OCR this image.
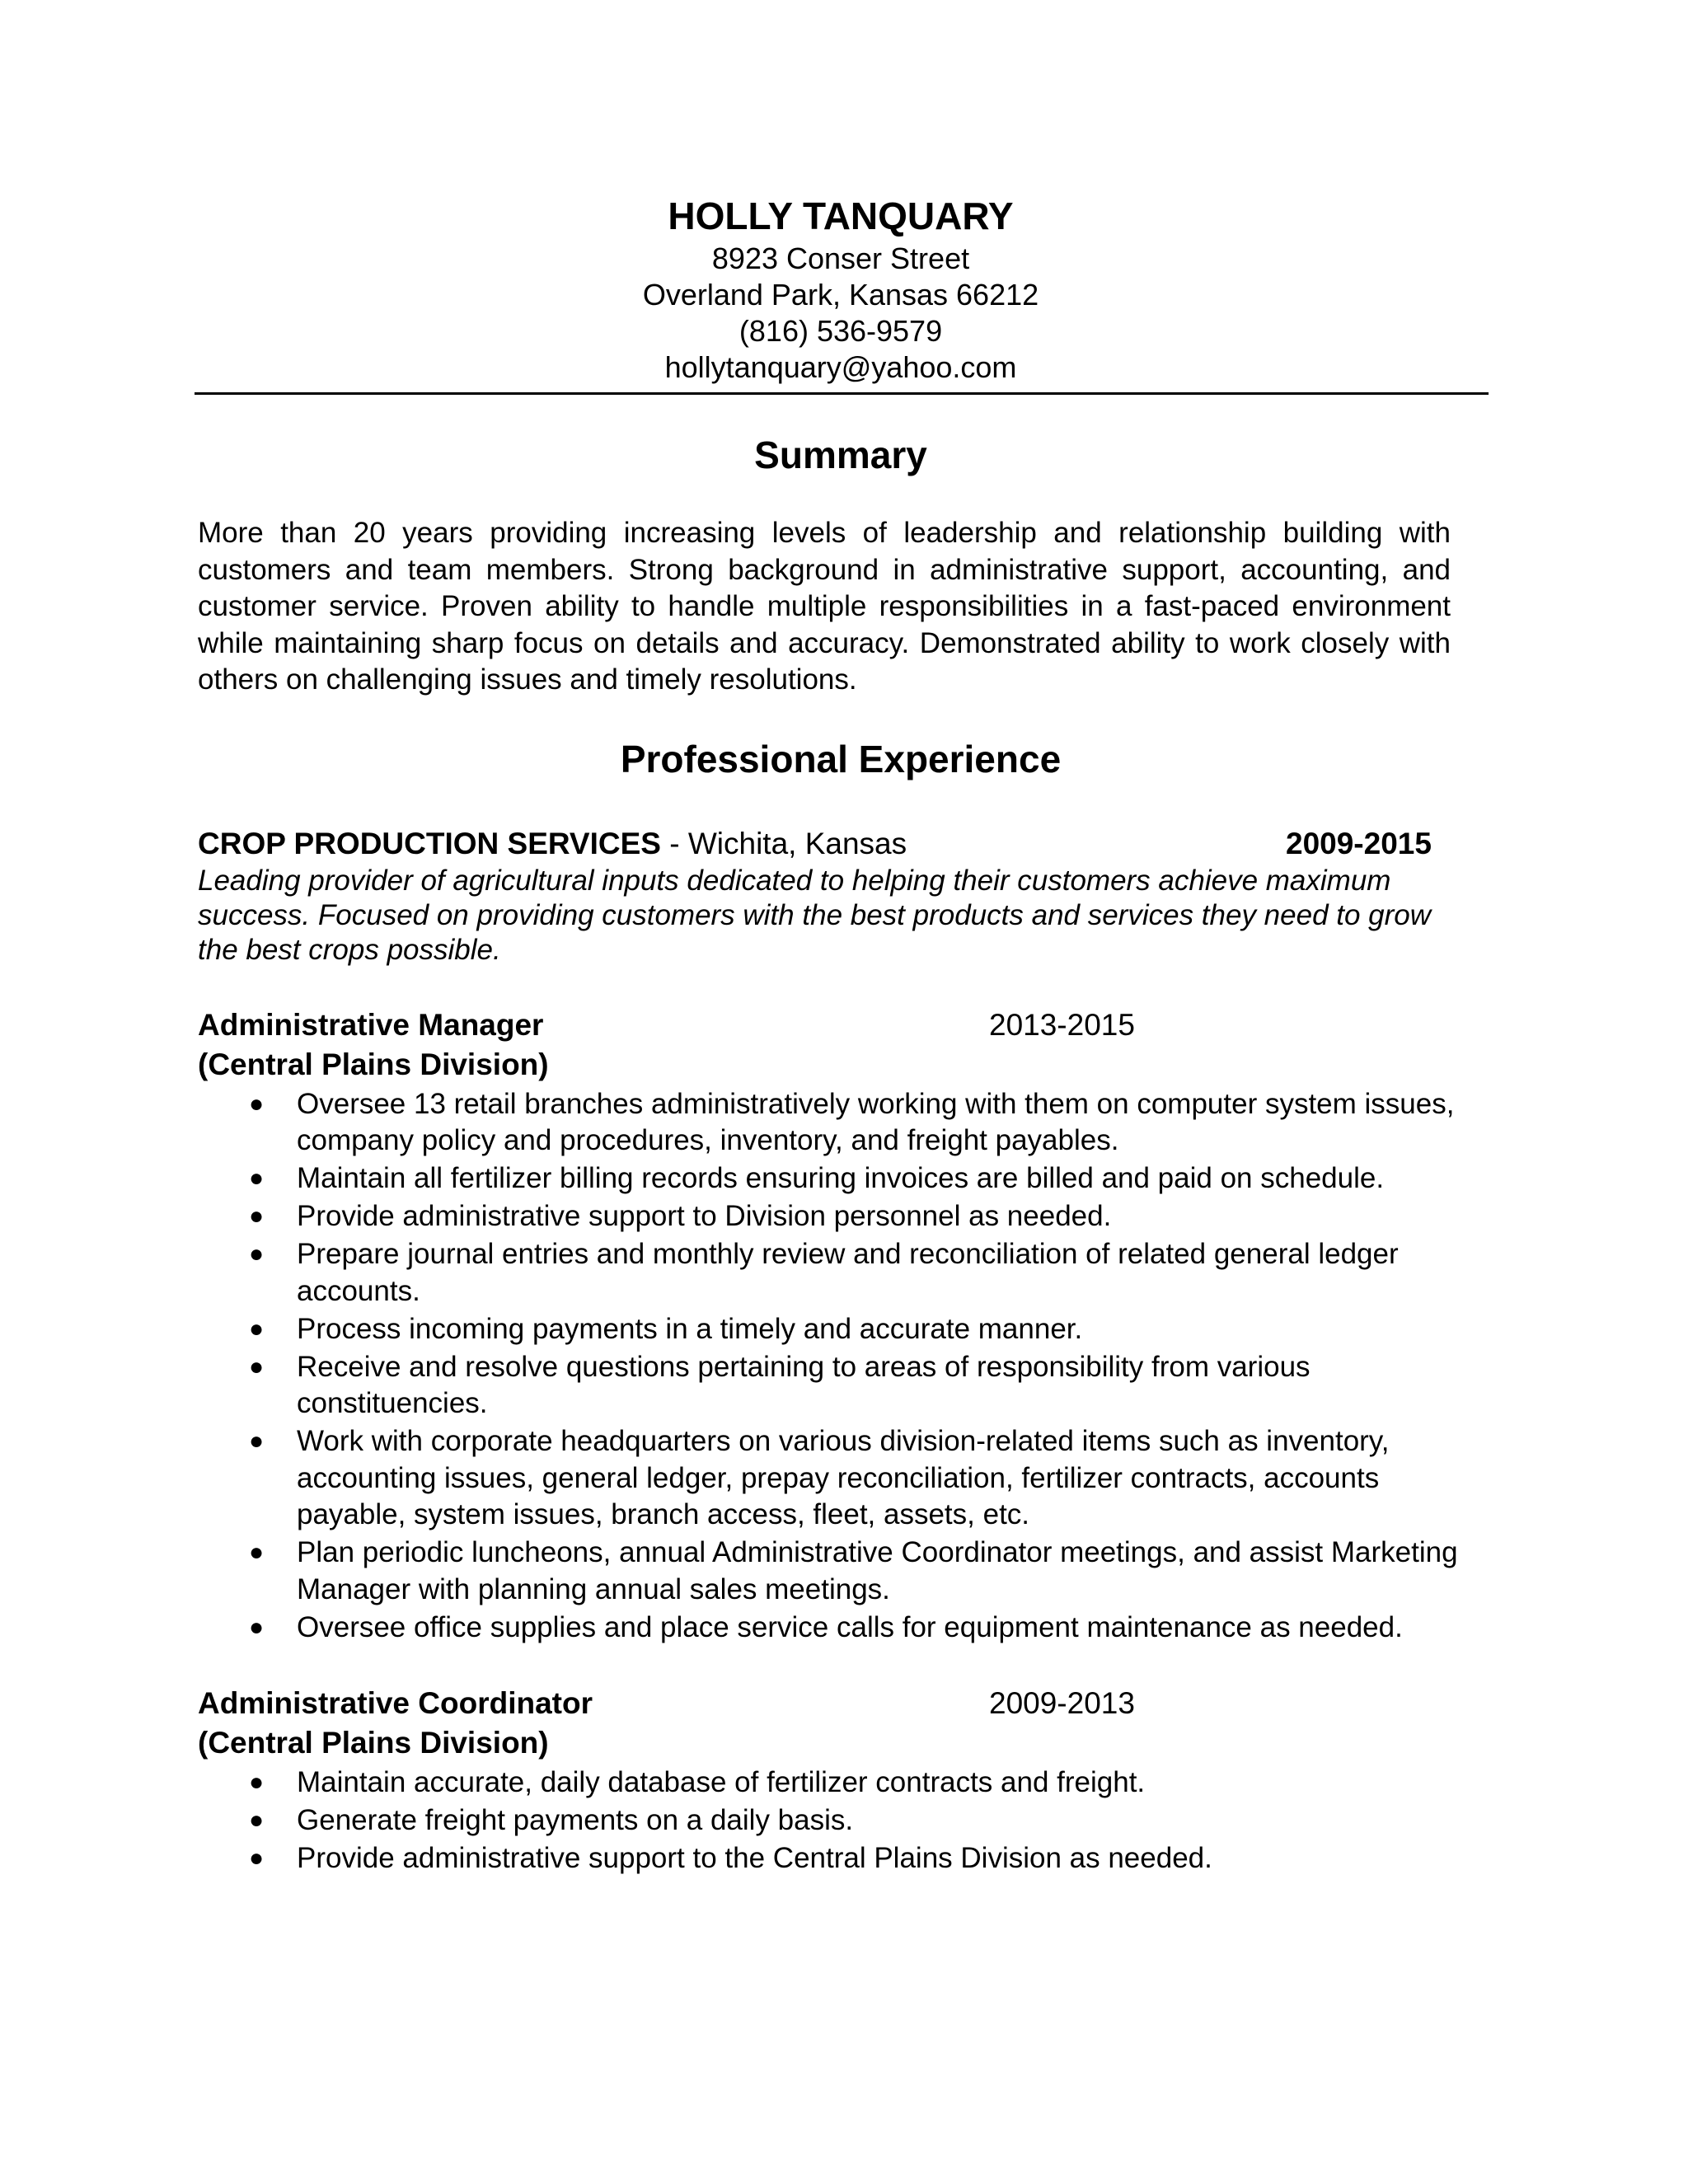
HOLLY TANQUARY

8923 Conser Street

Overland Park, Kansas 66212

(816) 536-9579

hollytanquary@yahoo.com

Summary

More than 20 years providing increasing levels of leadership and relationship building with customers and team members. Strong background in administrative support, accounting, and customer service. Proven ability to handle multiple responsibilities in a fast-paced environment while maintaining sharp focus on details and accuracy. Demonstrated ability to work closely with others on challenging issues and timely resolutions.

Professional Experience
CROP PRODUCTION SERVICES - Wichita, Kansas	2009-2015

Leading provider of agricultural inputs dedicated to helping their customers achieve maximum success. Focused on providing customers with the best products and services they need to grow the best crops possible.

Administrative Manager	2013-2015

(Central Plains Division)

● Oversee 13 retail branches administratively working with them on computer system issues, company policy and procedures, inventory, and freight payables.
● Maintain all fertilizer billing records ensuring invoices are billed and paid on schedule.
● Provide administrative support to Division personnel as needed.
● Prepare journal entries and monthly review and reconciliation of related general ledger accounts.
● Process incoming payments in a timely and accurate manner.
● Receive and resolve questions pertaining to areas of responsibility from various constituencies.
● Work with corporate headquarters on various division-related items such as inventory, accounting issues, general ledger, prepay reconciliation, fertilizer contracts, accounts payable, system issues, branch access, fleet, assets, etc.
● Plan periodic luncheons, annual Administrative Coordinator meetings, and assist Marketing Manager with planning annual sales meetings.
● Oversee office supplies and place service calls for equipment maintenance as needed.
Administrative Coordinator	2009-2013

(Central Plains Division)

● Maintain accurate, daily database of fertilizer contracts and freight.
● Generate freight payments on a daily basis.
● Provide administrative support to the Central Plains Division as needed.
